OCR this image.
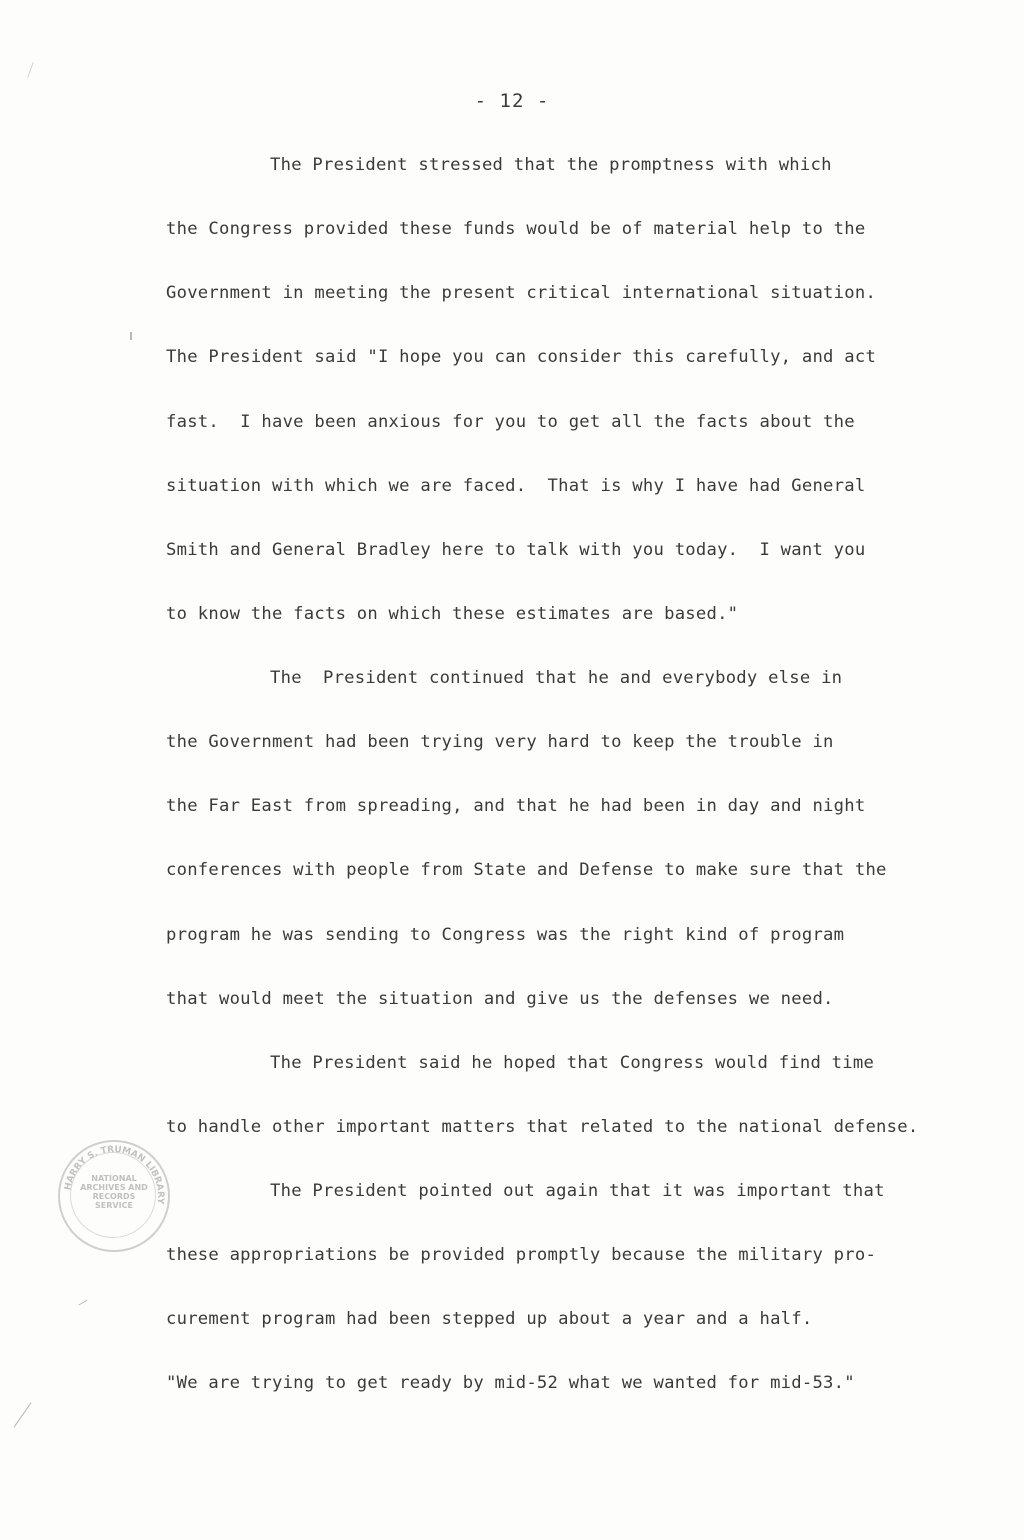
- 12 -
The President stressed that the promptness with which
the Congress provided these funds would be of material help to the
Government in meeting the present critical international situation.
The President said "I hope you can consider this carefully, and act
fast.  I have been anxious for you to get all the facts about the
situation with which we are faced.  That is why I have had General
Smith and General Bradley here to talk with you today.  I want you
to know the facts on which these estimates are based."
The  President continued that he and everybody else in
the Government had been trying very hard to keep the trouble in
the Far East from spreading, and that he had been in day and night
conferences with people from State and Defense to make sure that the
program he was sending to Congress was the right kind of program
that would meet the situation and give us the defenses we need.
The President said he hoped that Congress would find time
to handle other important matters that related to the national defense.
The President pointed out again that it was important that
these appropriations be provided promptly because the military pro-
curement program had been stepped up about a year and a half.
"We are trying to get ready by mid-52 what we wanted for mid-53."
HARRY S. TRUMAN LIBRARY
NATIONAL
ARCHIVES AND
RECORDS
SERVICE
